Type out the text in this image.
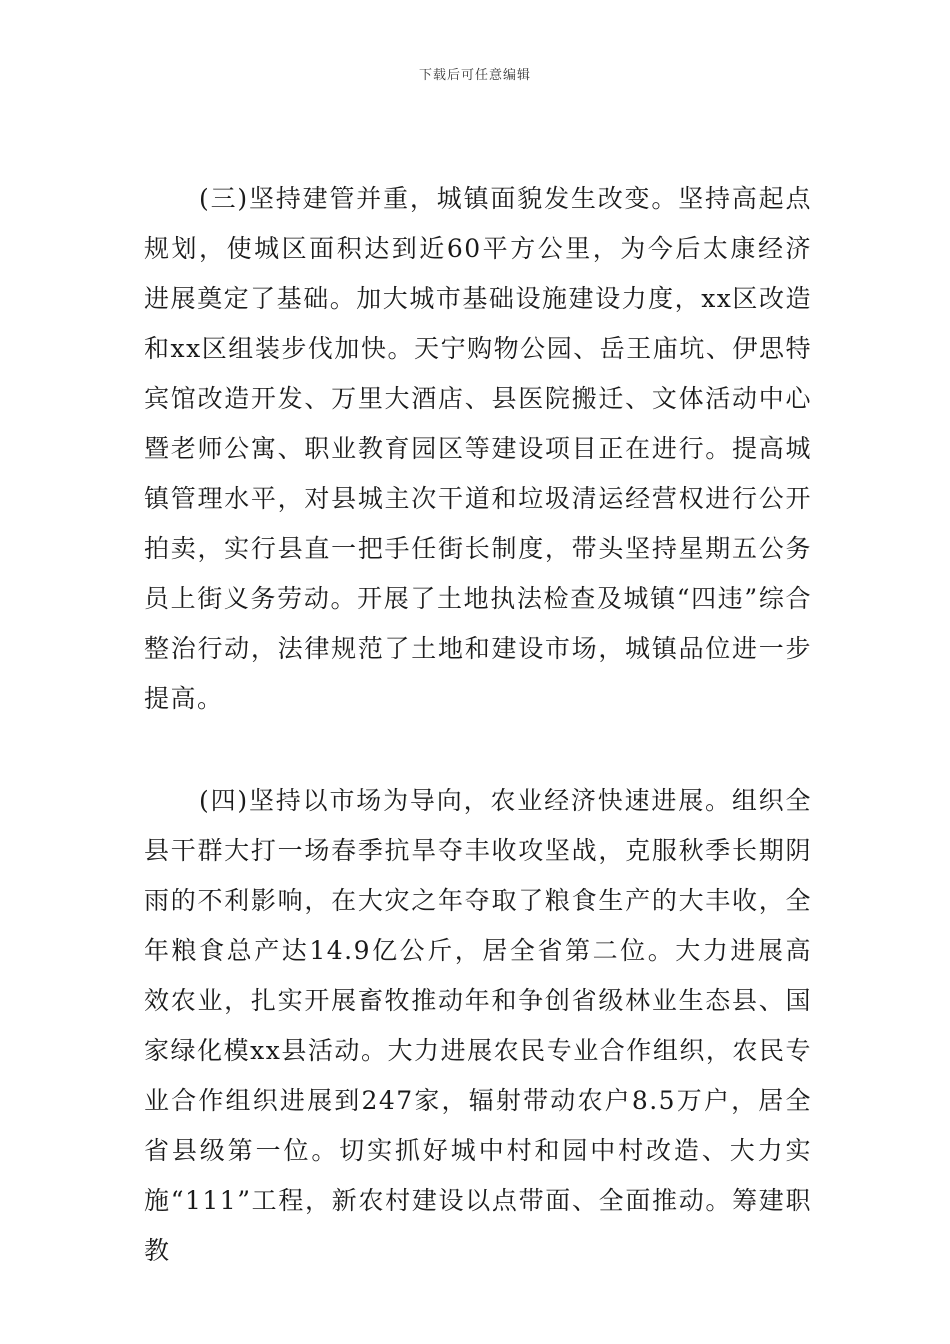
下载后可任意编辑

(三)坚持建管并重，城镇面貌发生改变。坚持高起点规划，使城区面积达到近60平方公里，为今后太康经济进展奠定了基础。加大城市基础设施建设力度，xx区改造和xx区组装步伐加快。天宁购物公园、岳王庙坑、伊思特宾馆改造开发、万里大酒店、县医院搬迁、文体活动中心暨老师公寓、职业教育园区等建设项目正在进行。提高城镇管理水平，对县城主次干道和垃圾清运经营权进行公开拍卖，实行县直一把手任街长制度，带头坚持星期五公务员上街义务劳动。开展了土地执法检查及城镇“四违”综合整治行动，法律规范了土地和建设市场，城镇品位进一步提高。

(四)坚持以市场为导向，农业经济快速进展。组织全县干群大打一场春季抗旱夺丰收攻坚战，克服秋季长期阴雨的不利影响，在大灾之年夺取了粮食生产的大丰收，全年粮食总产达14.9亿公斤，居全省第二位。大力进展高效农业，扎实开展畜牧推动年和争创省级林业生态县、国家绿化模xx县活动。大力进展农民专业合作组织，农民专业合作组织进展到247家，辐射带动农户8.5万户，居全省县级第一位。切实抓好城中村和园中村改造、大力实施“111”工程，新农村建设以点带面、全面推动。筹建职教
